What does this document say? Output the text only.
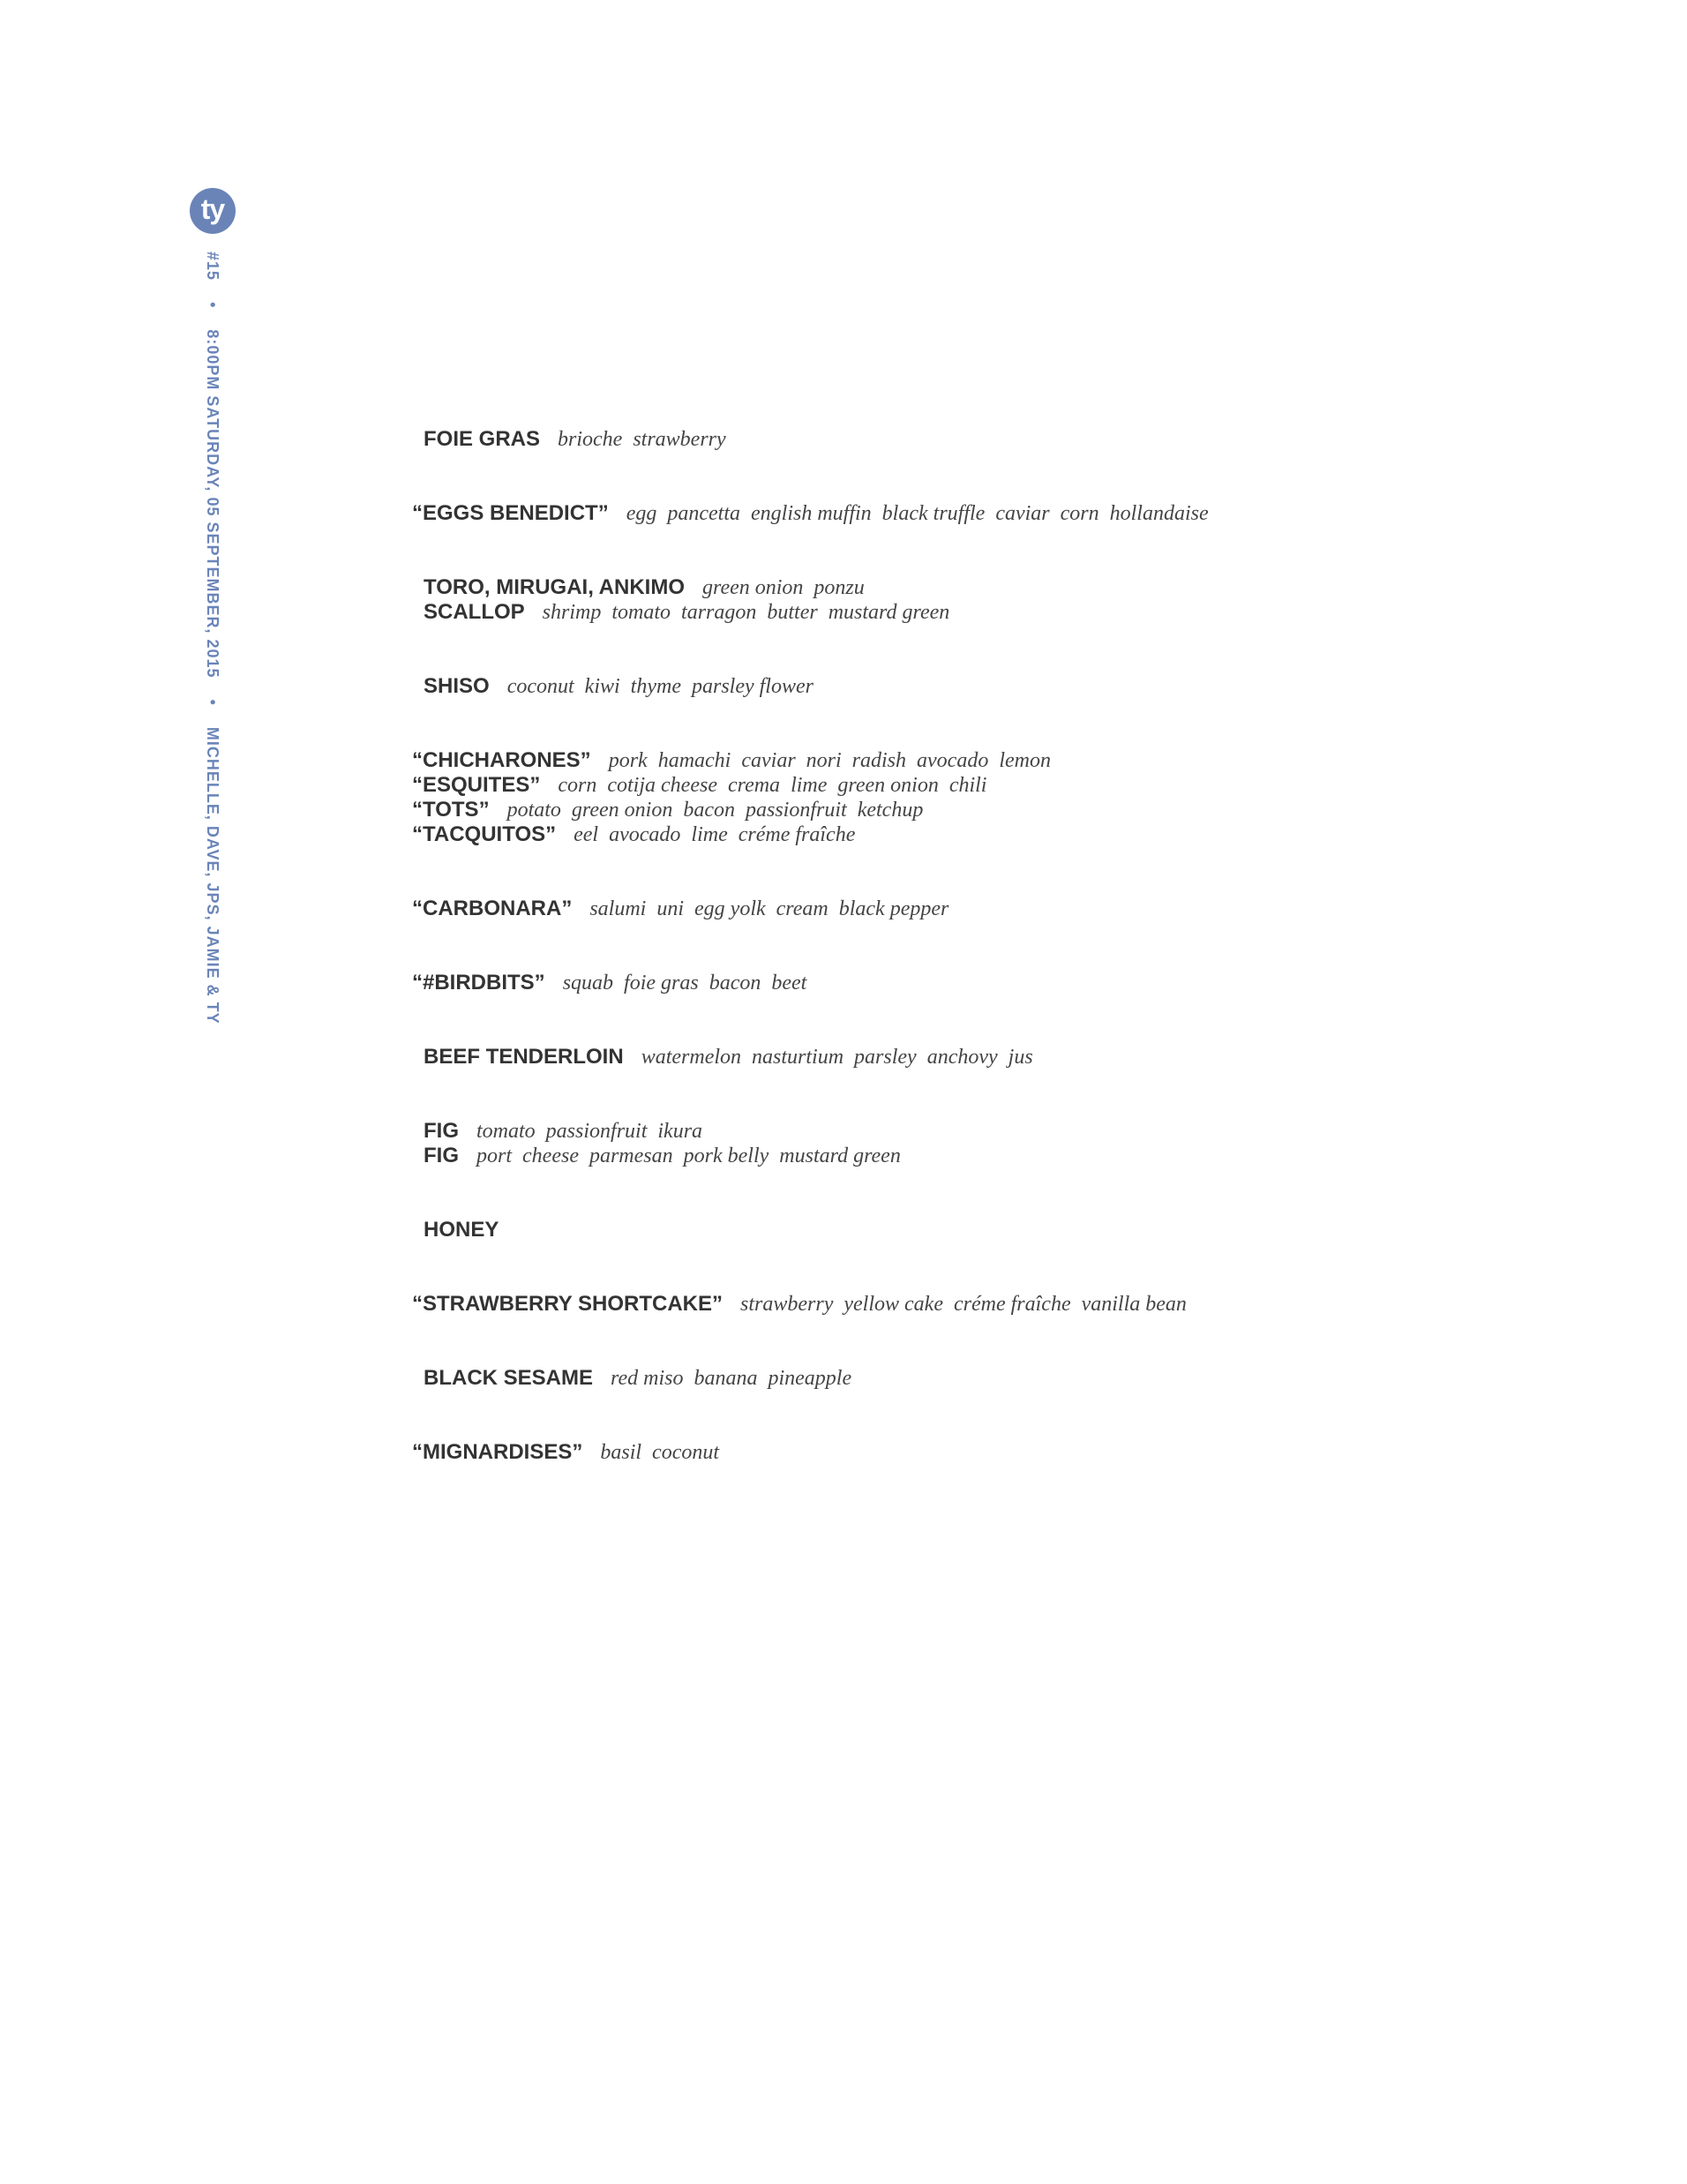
ty
#15 • 8:00PM SATURDAY, 05 SEPTEMBER, 2015 • MICHELLE, DAVE, JPS, JAMIE & TY
FOIE GRAS brioche strawberry
“EGGS BENEDICT” egg pancetta english muffin black truffle caviar corn hollandaise
TORO, MIRUGAI, ANKIMO green onion ponzu
SCALLOP shrimp tomato tarragon butter mustard green
SHISO coconut kiwi thyme parsley flower
“CHICHARONES” pork hamachi caviar nori radish avocado lemon
“ESQUITES” corn cotija cheese crema lime green onion chili
“TOTS” potato green onion bacon passionfruit ketchup
“TACQUITOS” eel avocado lime créme fraîche
“CARBONARA” salumi uni egg yolk cream black pepper
“#BIRDBITS” squab foie gras bacon beet
BEEF TENDERLOIN watermelon nasturtium parsley anchovy jus
FIG tomato passionfruit ikura
FIG port cheese parmesan pork belly mustard green
HONEY
“STRAWBERRY SHORTCAKE” strawberry yellow cake créme fraîche vanilla bean
BLACK SESAME red miso banana pineapple
“MIGNARDISES” basil coconut
